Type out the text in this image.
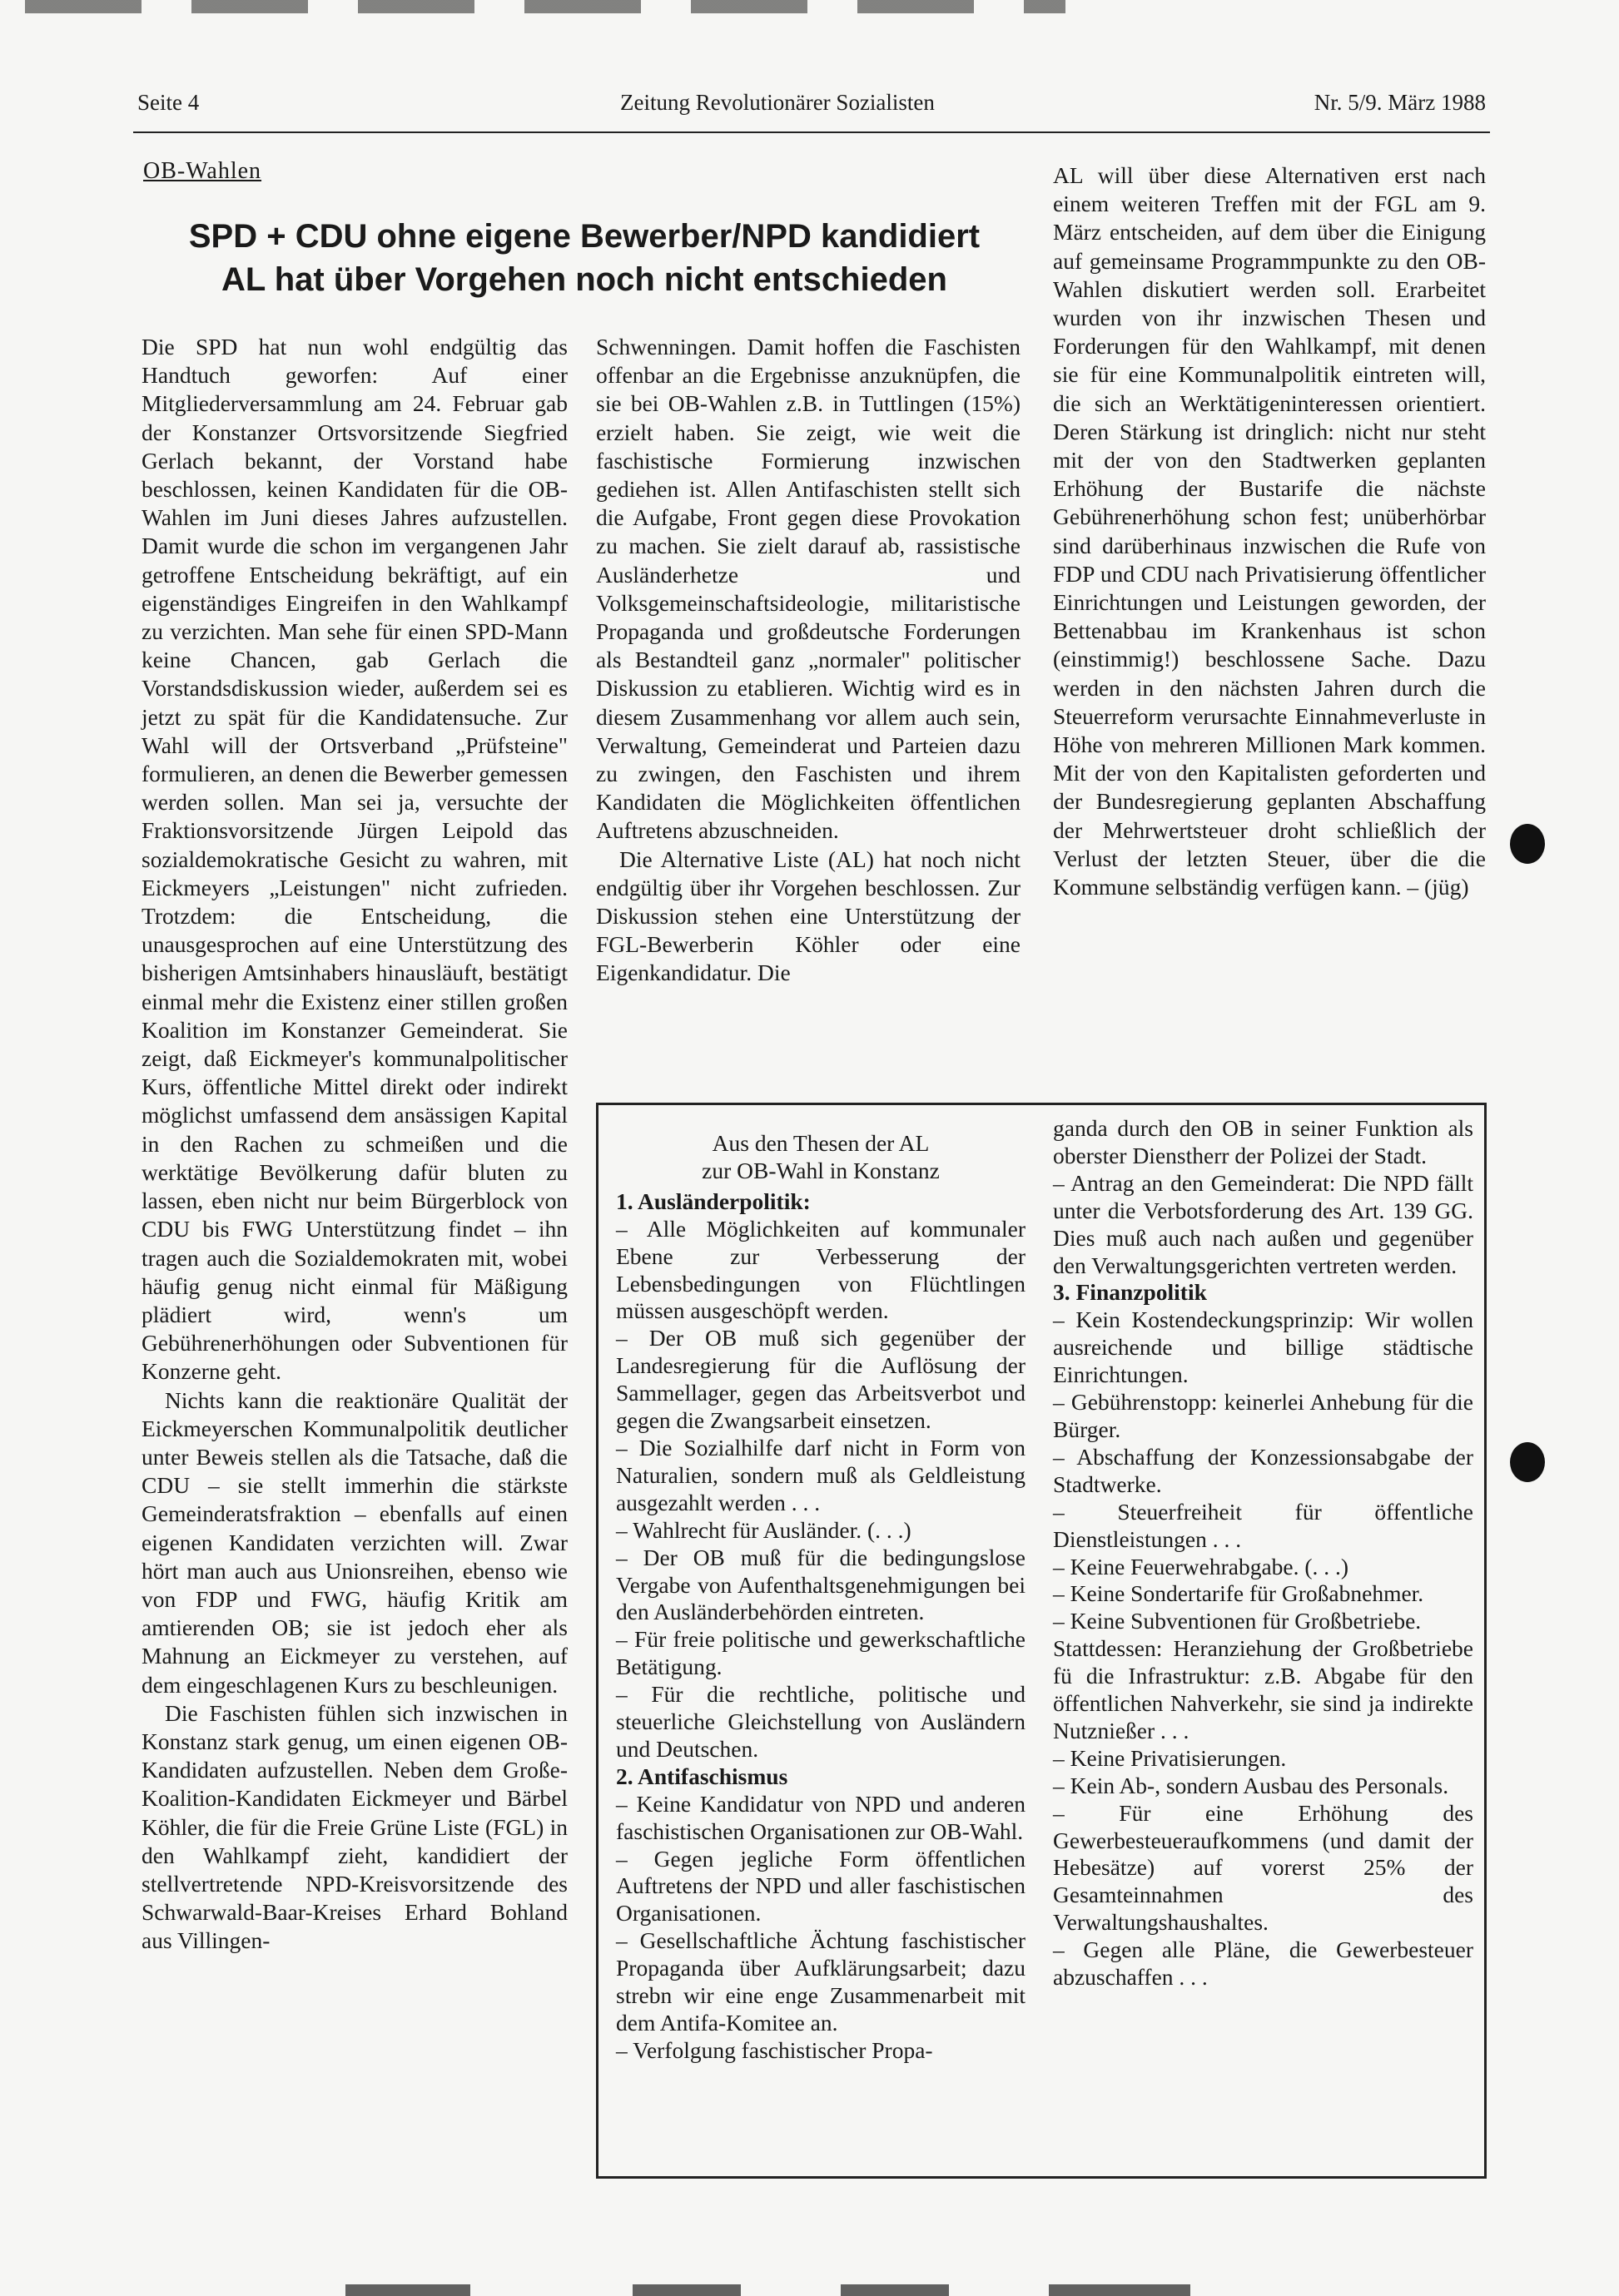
Seite 4	Zeitung Revolutionärer Sozialisten	Nr. 5/9. März 1988
OB-Wahlen
SPD + CDU ohne eigene Bewerber/NPD kandidiert
AL hat über Vorgehen noch nicht entschieden

Die SPD hat nun wohl endgültig das Handtuch geworfen: Auf einer Mitgliederversammlung am 24. Februar gab der Konstanzer Ortsvorsitzende Siegfried Gerlach bekannt, der Vorstand habe beschlossen, keinen Kandidaten für die OB-Wahlen im Juni dieses Jahres aufzustellen. Damit wurde die schon im vergangenen Jahr getroffene Entscheidung bekräftigt, auf ein eigenständiges Eingreifen in den Wahlkampf zu verzichten. Man sehe für einen SPD-Mann keine Chancen, gab Gerlach die Vorstandsdiskussion wieder, außerdem sei es jetzt zu spät für die Kandidatensuche. Zur Wahl will der Ortsverband „Prüfsteine" formulieren, an denen die Bewerber gemessen werden sollen. Man sei ja, versuchte der Fraktionsvorsitzende Jürgen Leipold das sozialdemokratische Gesicht zu wahren, mit Eickmeyers „Leistungen" nicht zufrieden. Trotzdem: die Entscheidung, die unausgesprochen auf eine Unterstützung des bisherigen Amtsinhabers hinausläuft, bestätigt einmal mehr die Existenz einer stillen großen Koalition im Konstanzer Gemeinderat. Sie zeigt, daß Eickmeyer's kommunalpolitischer Kurs, öffentliche Mittel direkt oder indirekt möglichst umfassend dem ansässigen Kapital in den Rachen zu schmeißen und die werktätige Bevölkerung dafür bluten zu lassen, eben nicht nur beim Bürgerblock von CDU bis FWG Unterstützung findet – ihn tragen auch die Sozialdemokraten mit, wobei häufig genug nicht einmal für Mäßigung plädiert wird, wenn's um Gebührenerhöhungen oder Subventionen für Konzerne geht.

Nichts kann die reaktionäre Qualität der Eickmeyerschen Kommunalpolitik deutlicher unter Beweis stellen als die Tatsache, daß die CDU – sie stellt immerhin die stärkste Gemeinderatsfraktion – ebenfalls auf einen eigenen Kandidaten verzichten will. Zwar hört man auch aus Unionsreihen, ebenso wie von FDP und FWG, häufig Kritik am amtierenden OB; sie ist jedoch eher als Mahnung an Eickmeyer zu verstehen, auf dem eingeschlagenen Kurs zu beschleunigen.

Die Faschisten fühlen sich inzwischen in Konstanz stark genug, um einen eigenen OB-Kandidaten aufzustellen. Neben dem Große-Koalition-Kandidaten Eickmeyer und Bärbel Köhler, die für die Freie Grüne Liste (FGL) in den Wahlkampf zieht, kandidiert der stellvertretende NPD-Kreisvorsitzende des Schwarwald-Baar-Kreises Erhard Bohland aus Villingen-

Schwenningen. Damit hoffen die Faschisten offenbar an die Ergebnisse anzuknüpfen, die sie bei OB-Wahlen z.B. in Tuttlingen (15%) erzielt haben. Sie zeigt, wie weit die faschistische Formierung inzwischen gediehen ist. Allen Antifaschisten stellt sich die Aufgabe, Front gegen diese Provokation zu machen. Sie zielt darauf ab, rassistische Ausländerhetze und Volksgemeinschaftsideologie, militaristische Propaganda und großdeutsche Forderungen als Bestandteil ganz „normaler" politischer Diskussion zu etablieren. Wichtig wird es in diesem Zusammenhang vor allem auch sein, Verwaltung, Gemeinderat und Parteien dazu zu zwingen, den Faschisten und ihrem Kandidaten die Möglichkeiten öffentlichen Auftretens abzuschneiden.

Die Alternative Liste (AL) hat noch nicht endgültig über ihr Vorgehen beschlossen. Zur Diskussion stehen eine Unterstützung der FGL-Bewerberin Köhler oder eine Eigenkandidatur. Die

AL will über diese Alternativen erst nach einem weiteren Treffen mit der FGL am 9. März entscheiden, auf dem über die Einigung auf gemeinsame Programmpunkte zu den OB-Wahlen diskutiert werden soll. Erarbeitet wurden von ihr inzwischen Thesen und Forderungen für den Wahlkampf, mit denen sie für eine Kommunalpolitik eintreten will, die sich an Werktätigeninteressen orientiert. Deren Stärkung ist dringlich: nicht nur steht mit der von den Stadtwerken geplanten Erhöhung der Bustarife die nächste Gebührenerhöhung schon fest; unüberhörbar sind darüberhinaus inzwischen die Rufe von FDP und CDU nach Privatisierung öffentlicher Einrichtungen und Leistungen geworden, der Bettenabbau im Krankenhaus ist schon (einstimmig!) beschlossene Sache. Dazu werden in den nächsten Jahren durch die Steuerreform verursachte Einnahmeverluste in Höhe von mehreren Millionen Mark kommen. Mit der von den Kapitalisten geforderten und der Bundesregierung geplanten Abschaffung der Mehrwertsteuer droht schließlich der Verlust der letzten Steuer, über die die Kommune selbständig verfügen kann. – (jüg)

Aus den Thesen der AL

zur OB-Wahl in Konstanz

1. Ausländerpolitik:

– Alle Möglichkeiten auf kommunaler Ebene zur Verbesserung der Lebensbedingungen von Flüchtlingen müssen ausgeschöpft werden.

– Der OB muß sich gegenüber der Landesregierung für die Auflösung der Sammellager, gegen das Arbeitsverbot und gegen die Zwangsarbeit einsetzen.

– Die Sozialhilfe darf nicht in Form von Naturalien, sondern muß als Geldleistung ausgezahlt werden . . .

– Wahlrecht für Ausländer. (. . .)

– Der OB muß für die bedingungslose Vergabe von Aufenthaltsgenehmigungen bei den Ausländerbehörden eintreten.

– Für freie politische und gewerkschaftliche Betätigung.

– Für die rechtliche, politische und steuerliche Gleichstellung von Ausländern und Deutschen.

2. Antifaschismus

– Keine Kandidatur von NPD und anderen faschistischen Organisationen zur OB-Wahl.

– Gegen jegliche Form öffentlichen Auftretens der NPD und aller faschistischen Organisationen.

– Gesellschaftliche Ächtung faschistischer Propaganda über Aufklärungsarbeit; dazu strebn wir eine enge Zusammenarbeit mit dem Antifa-Komitee an.

– Verfolgung faschistischer Propa-

ganda durch den OB in seiner Funktion als oberster Dienstherr der Polizei der Stadt.

– Antrag an den Gemeinderat: Die NPD fällt unter die Verbotsforderung des Art. 139 GG. Dies muß auch nach außen und gegenüber den Verwaltungsgerichten vertreten werden.

3. Finanzpolitik

– Kein Kostendeckungsprinzip: Wir wollen ausreichende und billige städtische Einrichtungen.

– Gebührenstopp: keinerlei Anhebung für die Bürger.

– Abschaffung der Konzessionsabgabe der Stadtwerke.

– Steuerfreiheit für öffentliche Dienstleistungen . . .

– Keine Feuerwehrabgabe. (. . .)

– Keine Sondertarife für Großabnehmer.

– Keine Subventionen für Großbetriebe.

Stattdessen: Heranziehung der Großbetriebe fü die Infrastruktur: z.B. Abgabe für den öffentlichen Nahverkehr, sie sind ja indirekte Nutznießer . . .

– Keine Privatisierungen.

– Kein Ab-, sondern Ausbau des Personals.

– Für eine Erhöhung des Gewerbesteueraufkommens (und damit der Hebesätze) auf vorerst 25% der Gesamteinnahmen des Verwaltungshaushaltes.

– Gegen alle Pläne, die Gewerbesteuer abzuschaffen . . .
